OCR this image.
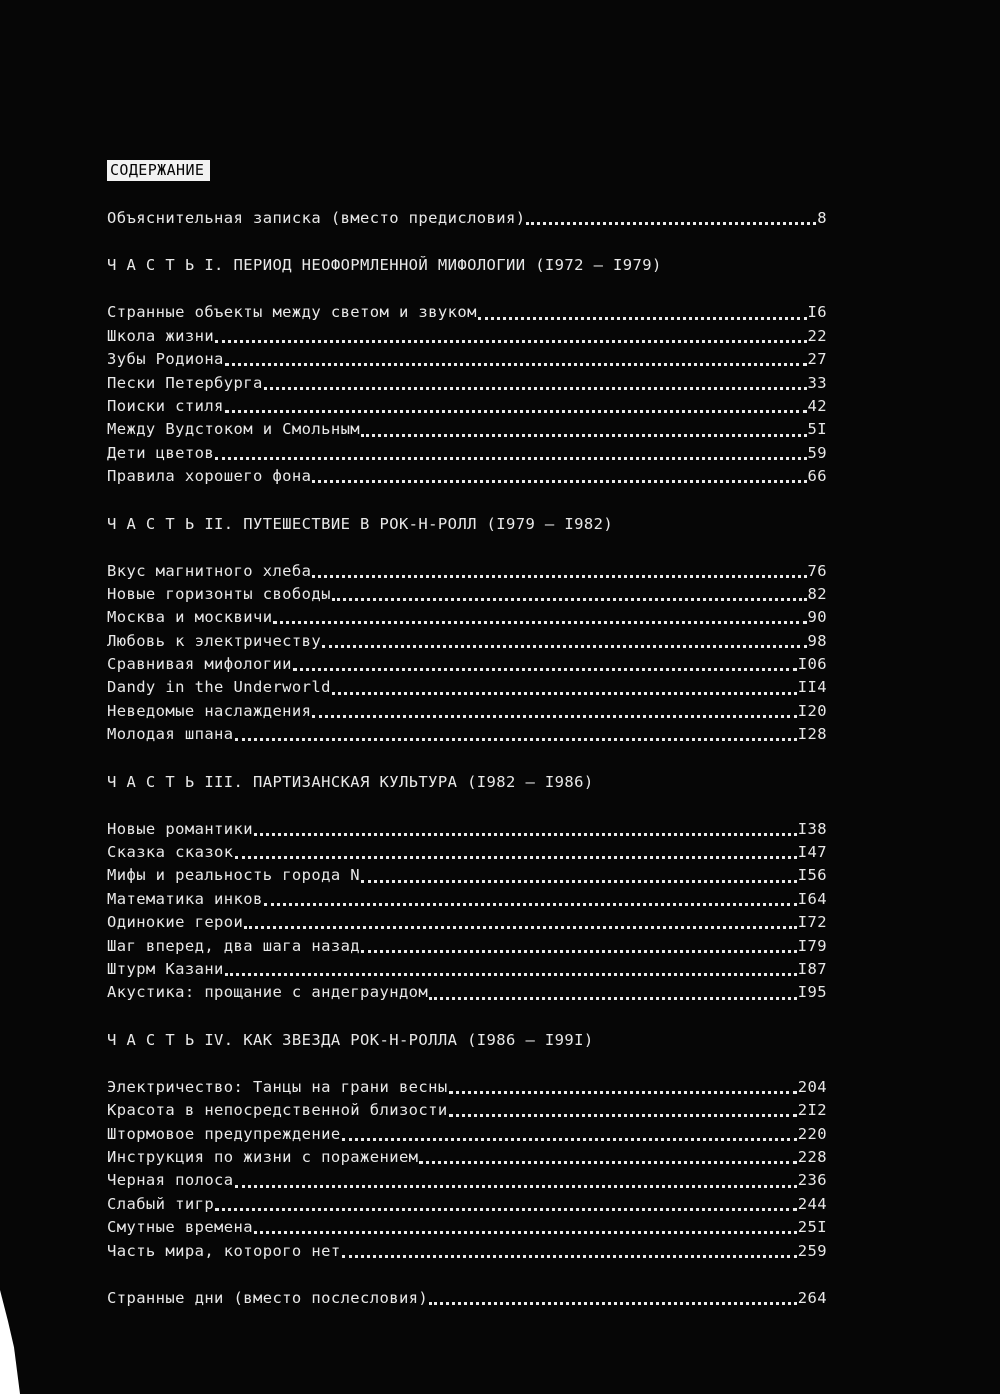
СОДЕРЖАНИЕ
Объяснительная записка (вместо предисловия)	8
Ч А С Т Ь I. ПЕРИОД НЕОФОРМЛЕННОЙ МИФОЛОГИИ (I972 — I979)
Странные объекты между светом и звуком	I6
Школа жизни	22
Зубы Родиона	27
Пески Петербурга	33
Поиски стиля	42
Между Вудстоком и Смольным	5I
Дети цветов	59
Правила хорошего фона	66
Ч А С Т Ь II. ПУТЕШЕСТВИЕ В РОК-Н-РОЛЛ (I979 — I982)
Вкус магнитного хлеба	76
Новые горизонты свободы	82
Москва и москвичи	90
Любовь к электричеству	98
Сравнивая мифологии	I06
Dandy in the Underworld	II4
Неведомые наслаждения	I20
Молодая шпана	I28
Ч А С Т Ь III. ПАРТИЗАНСКАЯ КУЛЬТУРА (I982 — I986)
Новые романтики	I38
Сказка сказок	I47
Мифы и реальность города N	I56
Математика инков	I64
Одинокие герои	I72
Шаг вперед, два шага назад	I79
Штурм Казани	I87
Акустика: прощание с андеграундом	I95
Ч А С Т Ь IV. КАК ЗВЕЗДА РОК-Н-РОЛЛА (I986 — I99I)
Электричество: Танцы на грани весны	204
Красота в непосредственной близости	2I2
Штормовое предупреждение	220
Инструкция по жизни с поражением	228
Черная полоса	236
Слабый тигр	244
Смутные времена	25I
Часть мира, которого нет	259
Странные дни (вместо послесловия)	264
